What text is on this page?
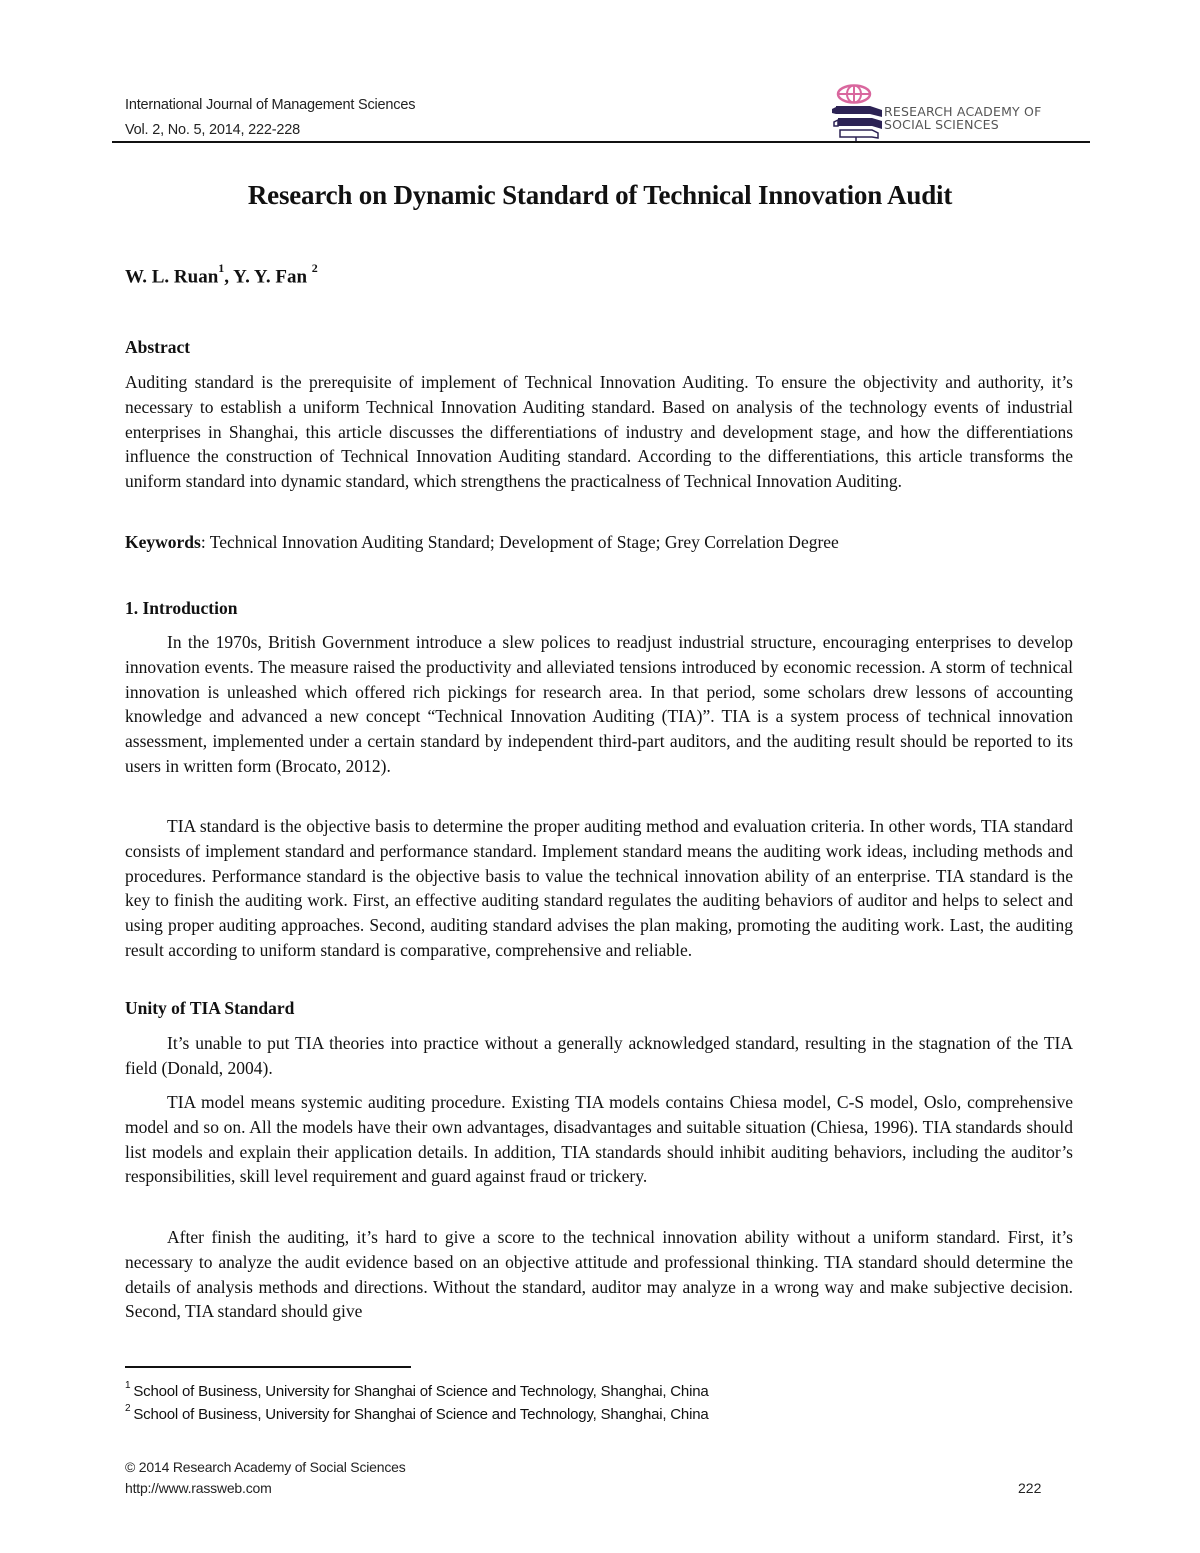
International Journal of Management Sciences
Vol. 2, No. 5, 2014, 222-228
RESEARCH ACADEMY OF
SOCIAL SCIENCES
Research on Dynamic Standard of Technical Innovation Audit
W. L. Ruan$^1$, Y. Y. Fan $^2$
Abstract
Auditing standard is the prerequisite of implement of Technical Innovation Auditing. To ensure the objectivity and authority, it’s necessary to establish a uniform Technical Innovation Auditing standard. Based on analysis of the technology events of industrial enterprises in Shanghai, this article discusses the differentiations of industry and development stage, and how the differentiations influence the construction of Technical Innovation Auditing standard. According to the differentiations, this article transforms the uniform standard into dynamic standard, which strengthens the practicalness of Technical Innovation Auditing.
Keywords: Technical Innovation Auditing Standard; Development of Stage; Grey Correlation Degree
1. Introduction
In the 1970s, British Government introduce a slew polices to readjust industrial structure, encouraging enterprises to develop innovation events. The measure raised the productivity and alleviated tensions introduced by economic recession. A storm of technical innovation is unleashed which offered rich pickings for research area. In that period, some scholars drew lessons of accounting knowledge and advanced a new concept “Technical Innovation Auditing (TIA)”. TIA is a system process of technical innovation assessment, implemented under a certain standard by independent third-part auditors, and the auditing result should be reported to its users in written form (Brocato, 2012).
TIA standard is the objective basis to determine the proper auditing method and evaluation criteria. In other words, TIA standard consists of implement standard and performance standard. Implement standard means the auditing work ideas, including methods and procedures. Performance standard is the objective basis to value the technical innovation ability of an enterprise. TIA standard is the key to finish the auditing work. First, an effective auditing standard regulates the auditing behaviors of auditor and helps to select and using proper auditing approaches. Second, auditing standard advises the plan making, promoting the auditing work. Last, the auditing result according to uniform standard is comparative, comprehensive and reliable.
Unity of TIA Standard
It’s unable to put TIA theories into practice without a generally acknowledged standard, resulting in the stagnation of the TIA field (Donald, 2004).
TIA model means systemic auditing procedure. Existing TIA models contains Chiesa model, C-S model, Oslo, comprehensive model and so on. All the models have their own advantages, disadvantages and suitable situation (Chiesa, 1996). TIA standards should list models and explain their application details. In addition, TIA standards should inhibit auditing behaviors, including the auditor’s responsibilities, skill level requirement and guard against fraud or trickery.
After finish the auditing, it’s hard to give a score to the technical innovation ability without a uniform standard. First, it’s necessary to analyze the audit evidence based on an objective attitude and professional thinking. TIA standard should determine the details of analysis methods and directions. Without the standard, auditor may analyze in a wrong way and make subjective decision. Second, TIA standard should give
$^1$ School of Business, University for Shanghai of Science and Technology, Shanghai, China
$^2$ School of Business, University for Shanghai of Science and Technology, Shanghai, China
© 2014 Research Academy of Social Sciences
http://www.rassweb.com	222
